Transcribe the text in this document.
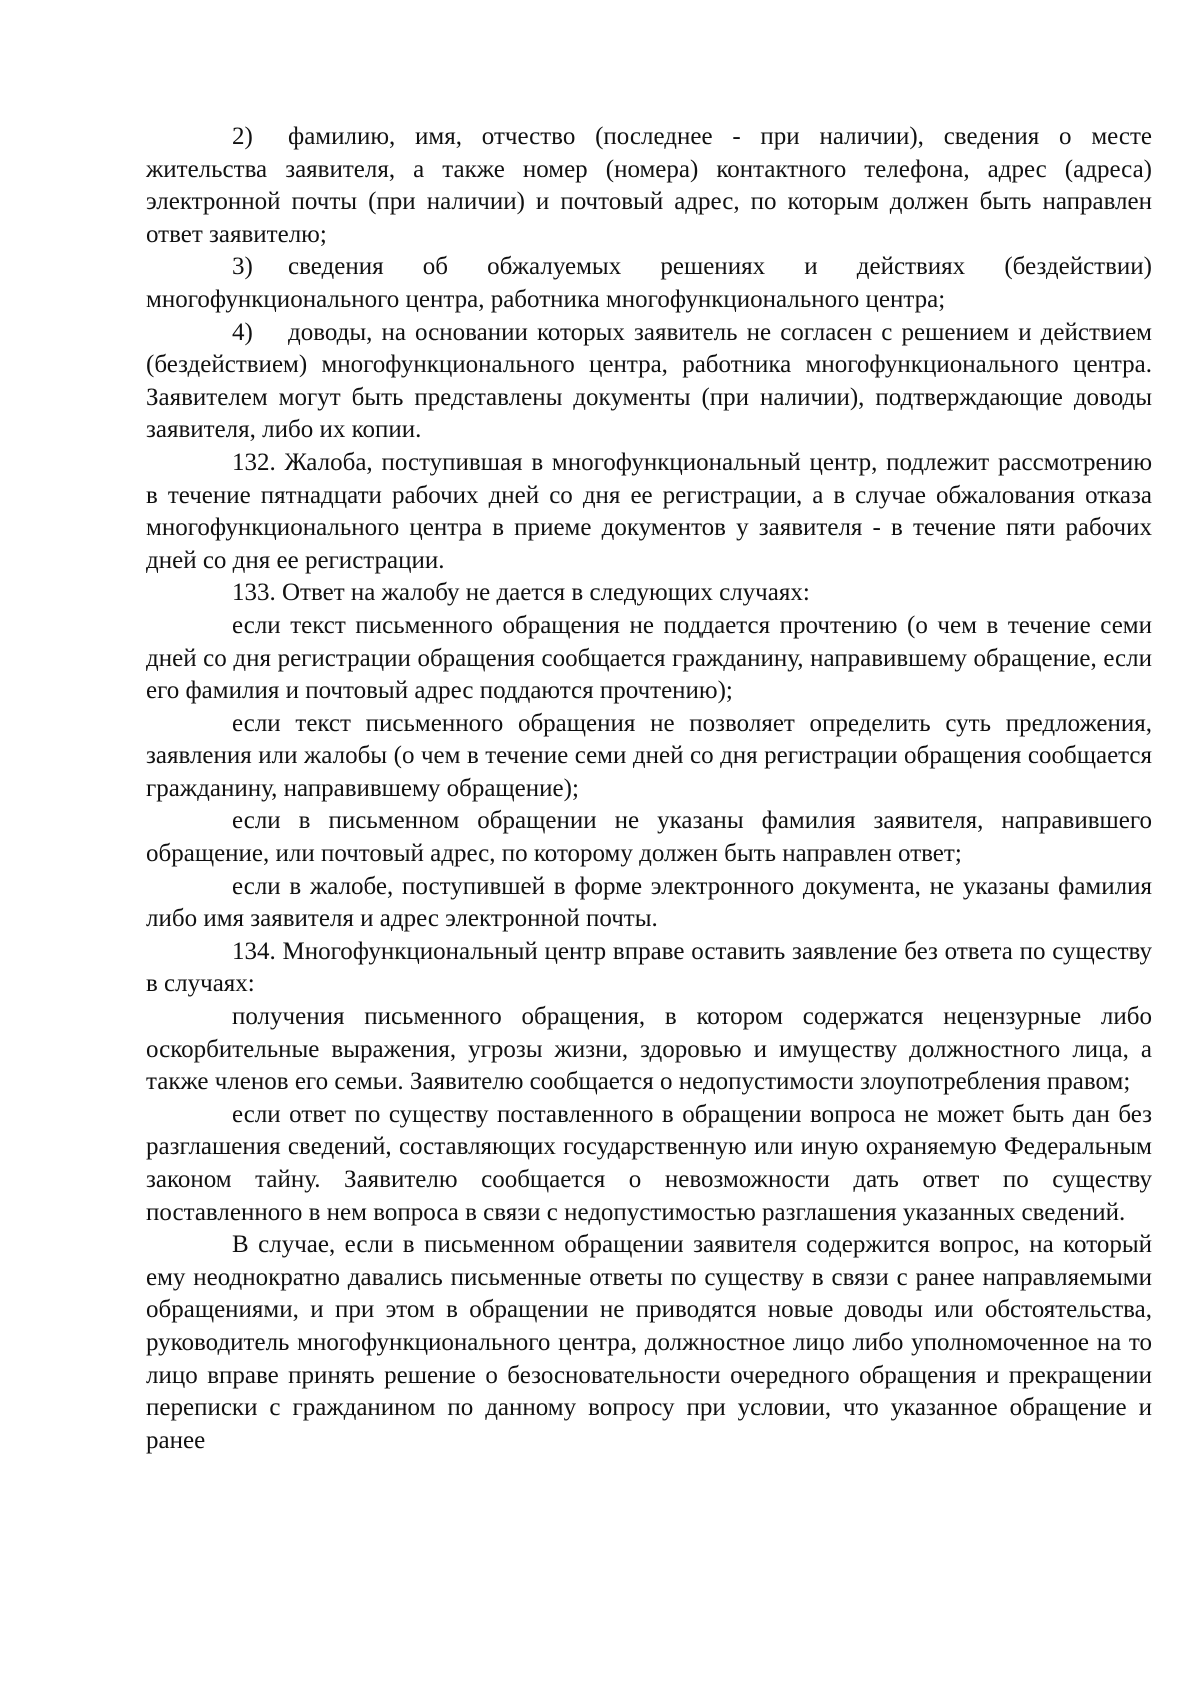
2) фамилию, имя, отчество (последнее - при наличии), сведения о месте жительства заявителя, а также номер (номера) контактного телефона, адрес (адреса) электронной почты (при наличии) и почтовый адрес, по которым должен быть направлен ответ заявителю;

3) сведения об обжалуемых решениях и действиях (бездействии) многофункционального центра, работника многофункционального центра;

4) доводы, на основании которых заявитель не согласен с решением и действием (бездействием) многофункционального центра, работника многофункционального центра. Заявителем могут быть представлены документы (при наличии), подтверждающие доводы заявителя, либо их копии.

132. Жалоба, поступившая в многофункциональный центр, подлежит рассмотрению в течение пятнадцати рабочих дней со дня ее регистрации, а в случае обжалования отказа многофункционального центра в приеме документов у заявителя - в течение пяти рабочих дней со дня ее регистрации.

133. Ответ на жалобу не дается в следующих случаях:

если текст письменного обращения не поддается прочтению (о чем в течение семи дней со дня регистрации обращения сообщается гражданину, направившему обращение, если его фамилия и почтовый адрес поддаются прочтению);

если текст письменного обращения не позволяет определить суть предложения, заявления или жалобы (о чем в течение семи дней со дня регистрации обращения сообщается гражданину, направившему обращение);

если в письменном обращении не указаны фамилия заявителя, направившего обращение, или почтовый адрес, по которому должен быть направлен ответ;

если в жалобе, поступившей в форме электронного документа, не указаны фамилия либо имя заявителя и адрес электронной почты.

134. Многофункциональный центр вправе оставить заявление без ответа по существу в случаях:

получения письменного обращения, в котором содержатся нецензурные либо оскорбительные выражения, угрозы жизни, здоровью и имуществу должностного лица, а также членов его семьи. Заявителю сообщается о недопустимости злоупотребления правом;

если ответ по существу поставленного в обращении вопроса не может быть дан без разглашения сведений, составляющих государственную или иную охраняемую Федеральным законом тайну. Заявителю сообщается о невозможности дать ответ по существу поставленного в нем вопроса в связи с недопустимостью разглашения указанных сведений.

В случае, если в письменном обращении заявителя содержится вопрос, на который ему неоднократно давались письменные ответы по существу в связи с ранее направляемыми обращениями, и при этом в обращении не приводятся новые доводы или обстоятельства, руководитель многофункционального центра, должностное лицо либо уполномоченное на то лицо вправе принять решение о безосновательности очередного обращения и прекращении переписки с гражданином по данному вопросу при условии, что указанное обращение и ранее
